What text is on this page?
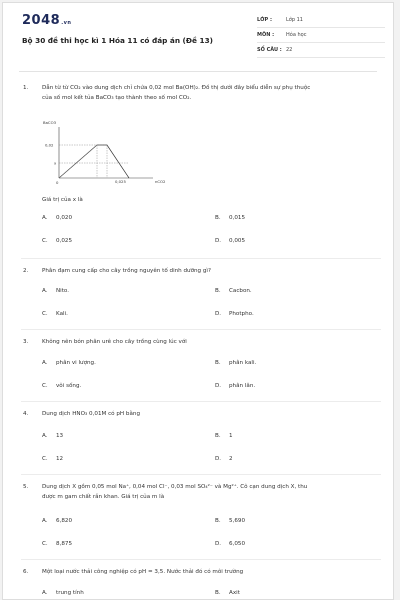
2048.vn
Bộ 30 đề thi học kì 1 Hóa 11 có đáp án (Đề 13)
LỚP :	Lớp 11
MÔN : Hóa học
SỐ CÂU : 22
1. Dẫn từ từ CO₂ vào dung dịch chỉ chứa 0,02 mol Ba(OH)₂. Đồ thị dưới đây biểu diễn sự phụ thuộc
của số mol kết tủa BaCO₃ tạo thành theo số mol CO₂.
BaCO3
0,02
x
0	0,025	nCO2
Giá trị của x là
A. 0,020	B. 0,015
C. 0,025	D. 0,005
2. Phân đạm cung cấp cho cây trồng nguyên tố dinh dưỡng gì?
A. Nito.	B. Cacbon.
C. Kali.	D. Photpho.
3. Không nên bón phân urê cho cây trồng cùng lúc với
A. phân vi lượng.	B. phân kali.
C. vôi sống.	D. phân lân.
4. Dung dịch HNO₃ 0,01M có pH bằng
A. 13	B. 1
C. 12	D. 2
5. Dung dịch X gồm 0,05 mol Na⁺, 0,04 mol Cl⁻, 0,03 mol SO₄²⁻ và Mg²⁺. Cô cạn dung dịch X, thu
được m gam chất rắn khan. Giá trị của m là
A. 6,820	B. 5,690
C. 8,875	D. 6,050
6. Một loại nước thải công nghiệp có pH = 3,5. Nước thải đó có môi trường
A. trung tính	B. Axit
